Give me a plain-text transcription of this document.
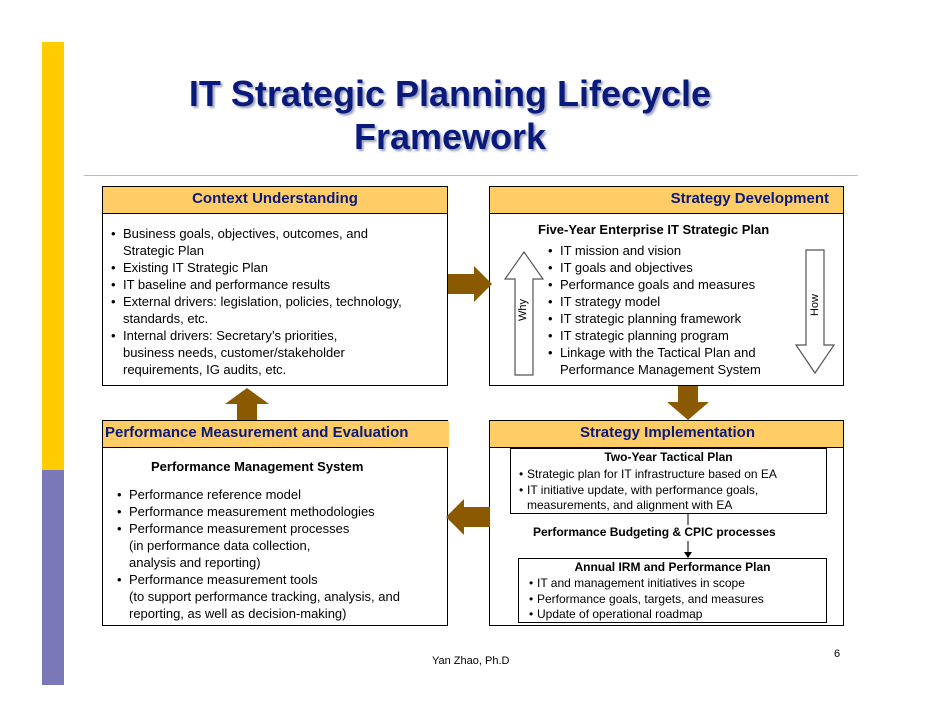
IT Strategic Planning Lifecycle
Framework
Context Understanding
• Business goals, objectives, outcomes, and
Strategic Plan
• Existing IT Strategic Plan
• IT baseline and performance results
• External drivers: legislation, policies, technology,
standards, etc.
• Internal drivers: Secretary’s priorities,
business needs, customer/stakeholder
requirements, IG audits, etc.
Strategy Development
Five-Year Enterprise IT Strategic Plan
• IT mission and vision
• IT goals and objectives
• Performance goals and measures
• IT strategy model
• IT strategic planning framework
• IT strategic planning program
• Linkage with the Tactical Plan and
Performance Management System
Why	How
Performance Measurement and Evaluation
Performance Management System
• Performance reference model
• Performance measurement methodologies
• Performance measurement processes
(in performance data collection,
analysis and reporting)
• Performance measurement tools
(to support performance tracking, analysis, and
reporting, as well as decision-making)
Strategy Implementation
Two-Year Tactical Plan
• Strategic plan for IT infrastructure based on EA
• IT initiative update, with performance goals,
measurements, and alignment with EA
Performance Budgeting & CPIC processes
Annual IRM and Performance Plan
• IT and management initiatives in scope
• Performance goals, targets, and measures
• Update of operational roadmap
Yan Zhao, Ph.D
6
